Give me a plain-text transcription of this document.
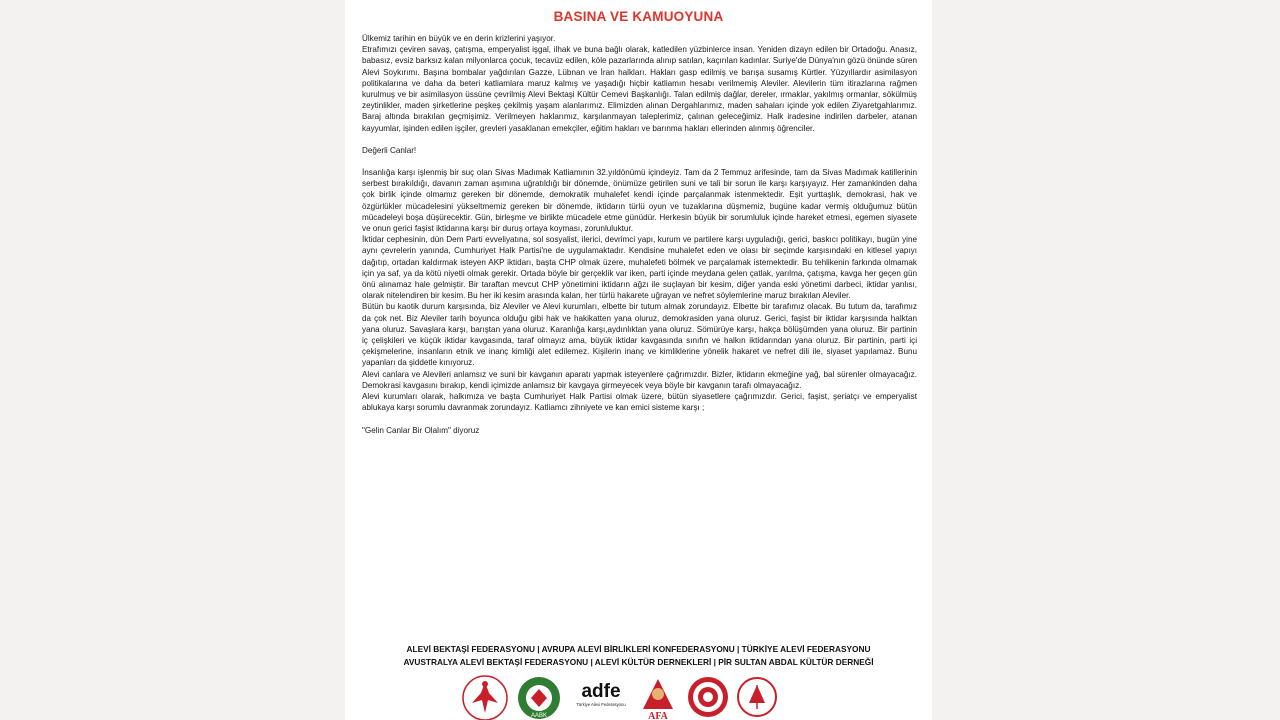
BASINA VE KAMUOYUNA

Ülkemiz tarihin en büyük ve en derin krizlerini yaşıyor.

Etrafımızı çeviren savaş, çatışma, emperyalist işgal, ilhak ve buna bağlı olarak, katledilen yüzbinlerce insan. Yeniden dizayn edilen bir Ortadoğu. Anasız, babasız, evsiz barksız kalan milyonlarca çocuk, tecavüz edilen, köle pazarlarında alınıp satılan, kaçırılan kadınlar. Suriye'de Dünya'nın gözü önünde süren Alevi Soykırımı. Başına bombalar yağdırılan Gazze, Lübnan ve İran halkları. Hakları gasp edilmiş ve barışa susamış Kürtler. Yüzyıllardır asimilasyon politikalarına ve daha da beteri katliamlara maruz kalmış ve yaşadığı hiçbir katliamın hesabı verilmemiş Aleviler. Alevilerin tüm itirazlarına rağmen kurulmuş ve bir asimilasyon üssüne çevrilmiş Alevi Bektaşi Kültür Cemevi Başkanlığı. Talan edilmiş dağlar, dereler, ırmaklar, yakılmış ormanlar, sökülmüş zeytinlikler, maden şirketlerine peşkeş çekilmiş yaşam alanlarımız. Elimizden alınan Dergahlarımız, maden sahaları içinde yok edilen Ziyaretgahlarımız. Baraj altında bırakılan geçmişimiz. Verilmeyen haklarımız, karşılanmayan taleplerimiz, çalınan geleceğimiz. Halk iradesine indirilen darbeler, atanan kayyumlar, işinden edilen işçiler, grevleri yasaklanan emekçiler, eğitim hakları ve barınma hakları ellerinden alınmış öğrenciler.

Değerli Canlar!

İnsanlığa karşı işlenmiş bir suç olan Sivas Madımak Katliamının 32.yıldönümü içindeyiz. Tam da 2 Temmuz arifesinde, tam da Sivas Madımak katillerinin serbest bırakıldığı, davanın zaman aşımına uğratıldığı bir dönemde, önümüze getirilen suni ve tali bir sorun ile karşı karşıyayız. Her zamankinden daha çok birlik içinde olmamız gereken bir dönemde, demokratik muhalefet kendi içinde parçalanmak istenmektedir. Eşit yurttaşlık, demokrasi, hak ve özgürlükler mücadelesini yükseltmemiz gereken bir dönemde, iktidarın türlü oyun ve tuzaklarına düşmemiz, bugüne kadar vermiş olduğumuz bütün mücadeleyi boşa düşürecektir. Gün, birleşme ve birlikte mücadele etme günüdür. Herkesin büyük bir sorumluluk içinde hareket etmesi, egemen siyasete ve onun gerici faşist iktidarına karşı bir duruş ortaya koyması, zorunluluktur.

İktidar cephesinin, dün Dem Parti evveliyatına, sol sosyalist, ilerici, devrimci yapı, kurum ve partilere karşı uyguladığı, gerici, baskıcı politikayı, bugün yine aynı çevrelerin yanında, Cumhuriyet Halk Partisi'ne de uygulamaktadır. Kendisine muhalefet eden ve olası bir seçimde karşısındaki en kitlesel yapıyı dağıtıp, ortadan kaldırmak isteyen AKP iktidarı, başta CHP olmak üzere, muhalefeti bölmek ve parçalamak istemektedir. Bu tehlikenin farkında olmamak için ya saf, ya da kötü niyetli olmak gerekir. Ortada böyle bir gerçeklik var iken, parti içinde meydana gelen çatlak, yarılma, çatışma, kavga her geçen gün önü alınamaz hale gelmiştir. Bir taraftan mevcut CHP yönetimini iktidarın ağzı ile suçlayan bir kesim, diğer yanda eski yönetimi darbeci, iktidar yanlısı, olarak nitelendiren bir kesim. Bu her iki kesim arasında kalan, her türlü hakarete uğrayan ve nefret söylemlerine maruz bırakılan Aleviler.

Bütün bu kaotik durum karşısında, biz Aleviler ve Alevi kurumları, elbette bir tutum almak zorundayız. Elbette bir tarafımız olacak. Bu tutum da, tarafımız da çok net. Biz Aleviler tarih boyunca olduğu gibi hak ve hakikatten yana oluruz, demokrasiden yana oluruz. Gerici, faşist bir iktidar karşısında halktan yana oluruz. Savaşlara karşı, barıştan yana oluruz. Karanlığa karşı,aydınlıktan yana oluruz. Sömürüye karşı, hakça bölüşümden yana oluruz. Bir partinin iç çelişkileri ve küçük iktidar kavgasında, taraf olmayız ama, büyük iktidar kavgasında sınıfın ve halkın iktidarından yana oluruz. Bir partinin, parti içi çekişmelerine, insanların etnik ve inanç kimliği alet edilemez. Kişilerin inanç ve kimliklerine yönelik hakaret ve nefret dili ile, siyaset yapılamaz. Bunu yapanları da şiddetle kınıyoruz.

Alevi canlara ve Alevileri anlamsız ve suni bir kavganın aparatı yapmak isteyenlere çağrımızdır. Bizler, iktidarın ekmeğine yağ, bal sürenler olmayacağız. Demokrasi kavgasını bırakıp, kendi içimizde anlamsız bir kavgaya girmeyecek veya böyle bir kavganın tarafı olmayacağız.

Alevi kurumları olarak, halkımıza ve başta Cumhuriyet Halk Partisi olmak üzere, bütün siyasetlere çağrımızdır. Gerici, faşist, şeriatçı ve emperyalist ablukaya karşı sorumlu davranmak zorundayız. Katliamcı zihniyete ve kan emici sisteme karşı ;

"Gelin Canlar Bir Olalım" diyoruz

ALEVİ BEKTAŞİ FEDERASYONU | AVRUPA ALEVİ BİRLİKLERİ KONFEDERASYONU | TÜRKİYE ALEVİ FEDERASYONU
AVUSTRALYA ALEVİ BEKTAŞİ FEDERASYONU | ALEVİ KÜLTÜR DERNEKLERİ | PİR SULTAN ABDAL KÜLTÜR DERNEĞİ
AABK
adfe
Türkiye Alevi Federasyonu
AFA
